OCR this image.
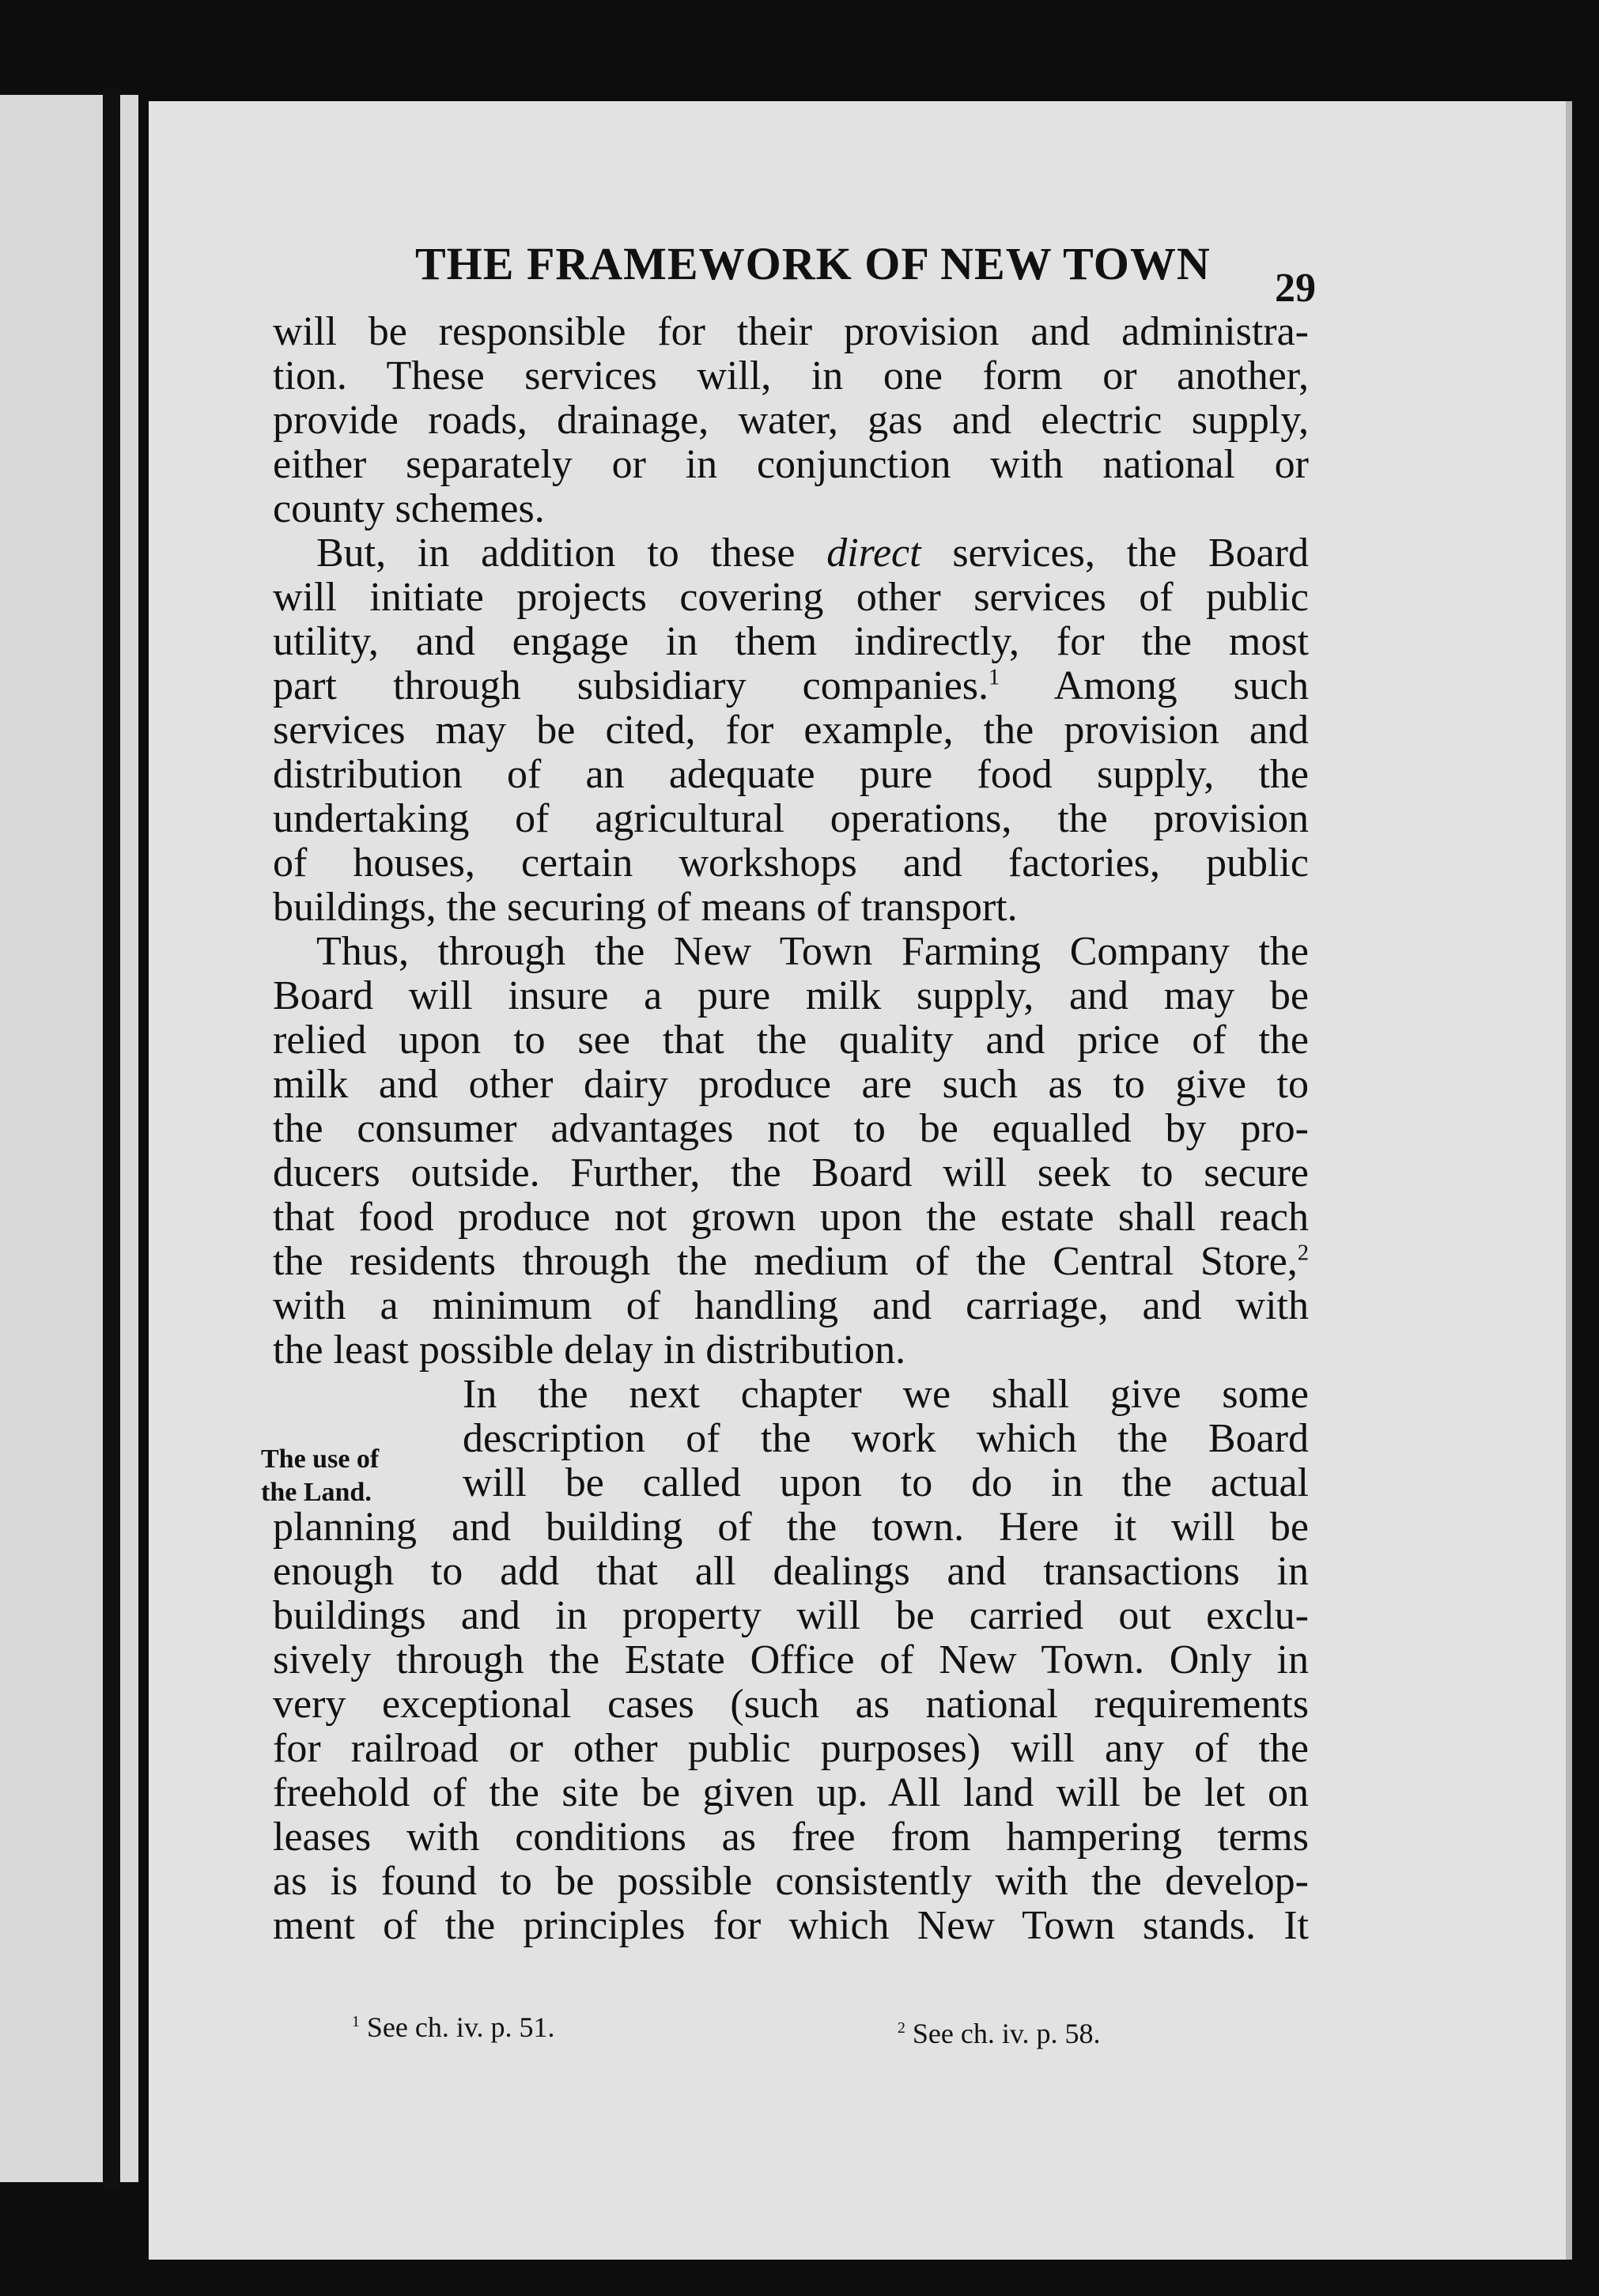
THE FRAMEWORK OF NEW TOWN 29
will be responsible for their provision and administra-
tion. These services will, in one form or another,
provide roads, drainage, water, gas and electric supply,
either separately or in conjunction with national or
county schemes.
But, in addition to these direct services, the Board
will initiate projects covering other services of public
utility, and engage in them indirectly, for the most
part through subsidiary companies.$^1$ Among such
services may be cited, for example, the provision and
distribution of an adequate pure food supply, the
undertaking of agricultural operations, the provision
of houses, certain workshops and factories, public
buildings, the securing of means of transport.
Thus, through the New Town Farming Company the
Board will insure a pure milk supply, and may be
relied upon to see that the quality and price of the
milk and other dairy produce are such as to give to
the consumer advantages not to be equalled by pro-
ducers outside. Further, the Board will seek to secure
that food produce not grown upon the estate shall reach
the residents through the medium of the Central Store,$^2$
with a minimum of handling and carriage, and with
the least possible delay in distribution.
In the next chapter we shall give some
description of the work which the Board
will be called upon to do in the actual
planning and building of the town. Here it will be
enough to add that all dealings and transactions in
buildings and in property will be carried out exclu-
sively through the Estate Office of New Town. Only in
very exceptional cases (such as national requirements
for railroad or other public purposes) will any of the
freehold of the site be given up. All land will be let on
leases with conditions as free from hampering terms
as is found to be possible consistently with the develop-
ment of the principles for which New Town stands. It
The use of
the Land.
$^1$ See ch. iv. p. 51.	$^2$ See ch. iv. p. 58.
